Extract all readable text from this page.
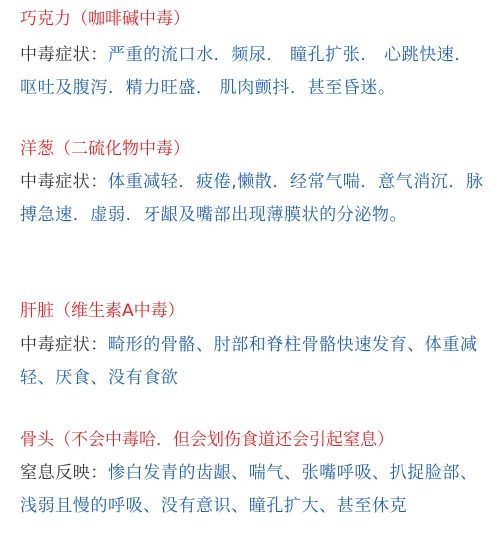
巧克力（咖啡碱中毒）
中毒症状：严重的流口水．频尿． 瞳孔扩张． 心跳快速． 呕吐及腹泻．精力旺盛． 肌肉颤抖．甚至昏迷。
洋葱（二硫化物中毒）
中毒症状：体重减轻．疲倦,懒散．经常气喘．意气消沉．脉搏急速．虚弱．牙龈及嘴部出现薄膜状的分泌物。
肝脏（维生素A中毒）
中毒症状：畸形的骨骼、肘部和脊柱骨骼快速发育、体重减轻、厌食、没有食欲
骨头（不会中毒哈．但会划伤食道还会引起窒息）
窒息反映：惨白发青的齿龈、喘气、张嘴呼吸、扒捉脸部、浅弱且慢的呼吸、没有意识、瞳孔扩大、甚至休克
